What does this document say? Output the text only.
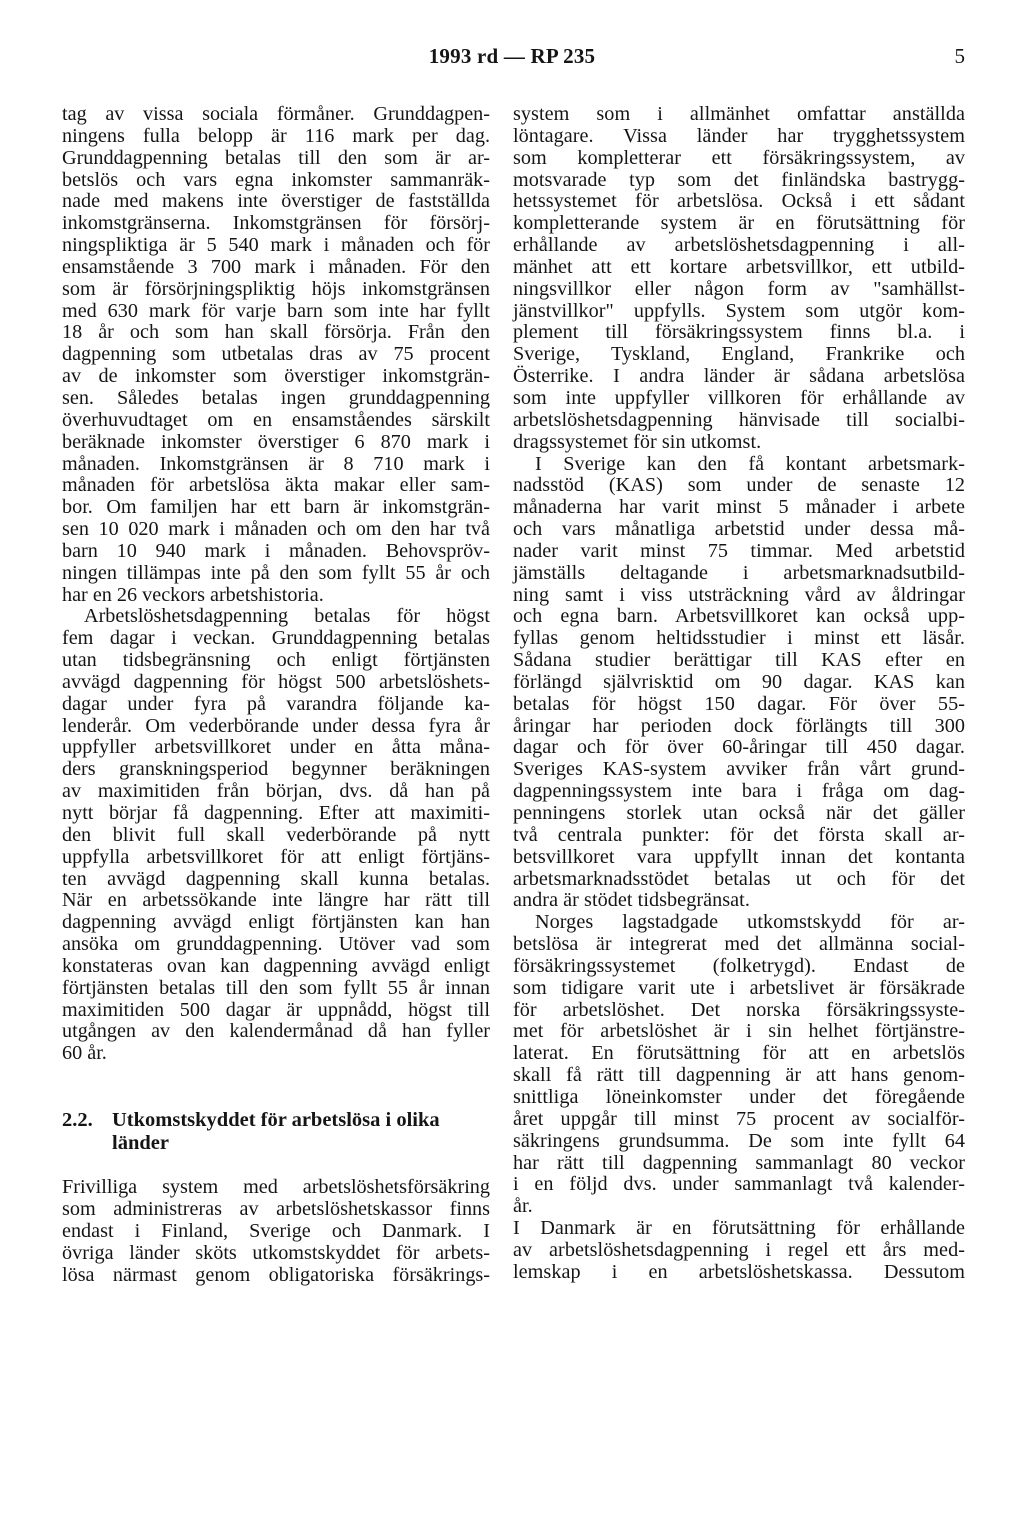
1993 rd — RP 235	5
tag av vissa sociala förmåner. Grunddagpen-
ningens fulla belopp är 116 mark per dag.
Grunddagpenning betalas till den som är ar-
betslös och vars egna inkomster sammanräk-
nade med makens inte överstiger de fastställda
inkomstgränserna. Inkomstgränsen för försörj-
ningspliktiga är 5 540 mark i månaden och för
ensamstående 3 700 mark i månaden. För den
som är försörjningspliktig höjs inkomstgränsen
med 630 mark för varje barn som inte har fyllt
18 år och som han skall försörja. Från den
dagpenning som utbetalas dras av 75 procent
av de inkomster som överstiger inkomstgrän-
sen. Således betalas ingen grunddagpenning
överhuvudtaget om en ensamståendes särskilt
beräknade inkomster överstiger 6 870 mark i
månaden. Inkomstgränsen är 8 710 mark i
månaden för arbetslösa äkta makar eller sam-
bor. Om familjen har ett barn är inkomstgrän-
sen 10 020 mark i månaden och om den har två
barn 10 940 mark i månaden. Behovspröv-
ningen tillämpas inte på den som fyllt 55 år och
har en 26 veckors arbetshistoria.
Arbetslöshetsdagpenning betalas för högst
fem dagar i veckan. Grunddagpenning betalas
utan tidsbegränsning och enligt förtjänsten
avvägd dagpenning för högst 500 arbetslöshets-
dagar under fyra på varandra följande ka-
lenderår. Om vederbörande under dessa fyra år
uppfyller arbetsvillkoret under en åtta måna-
ders granskningsperiod begynner beräkningen
av maximitiden från början, dvs. då han på
nytt börjar få dagpenning. Efter att maximiti-
den blivit full skall vederbörande på nytt
uppfylla arbetsvillkoret för att enligt förtjäns-
ten avvägd dagpenning skall kunna betalas.
När en arbetssökande inte längre har rätt till
dagpenning avvägd enligt förtjänsten kan han
ansöka om grunddagpenning. Utöver vad som
konstateras ovan kan dagpenning avvägd enligt
förtjänsten betalas till den som fyllt 55 år innan
maximitiden 500 dagar är uppnådd, högst till
utgången av den kalendermånad då han fyller
60 år.
2.2. Utkomstskyddet för arbetslösa i olika
länder
Frivilliga system med arbetslöshetsförsäkring
som administreras av arbetslöshetskassor finns
endast i Finland, Sverige och Danmark. I
övriga länder sköts utkomstskyddet för arbets-
lösa närmast genom obligatoriska försäkrings-
system som i allmänhet omfattar anställda
löntagare. Vissa länder har trygghetssystem
som kompletterar ett försäkringssystem, av
motsvarade typ som det finländska bastrygg-
hetssystemet för arbetslösa. Också i ett sådant
kompletterande system är en förutsättning för
erhållande av arbetslöshetsdagpenning i all-
mänhet att ett kortare arbetsvillkor, ett utbild-
ningsvillkor eller någon form av "samhällst-
jänstvillkor" uppfylls. System som utgör kom-
plement till försäkringssystem finns bl.a. i
Sverige, Tyskland, England, Frankrike och
Österrike. I andra länder är sådana arbetslösa
som inte uppfyller villkoren för erhållande av
arbetslöshetsdagpenning hänvisade till socialbi-
dragssystemet för sin utkomst.
I Sverige kan den få kontant arbetsmark-
nadsstöd (KAS) som under de senaste 12
månaderna har varit minst 5 månader i arbete
och vars månatliga arbetstid under dessa må-
nader varit minst 75 timmar. Med arbetstid
jämställs deltagande i arbetsmarknadsutbild-
ning samt i viss utsträckning vård av åldringar
och egna barn. Arbetsvillkoret kan också upp-
fyllas genom heltidsstudier i minst ett läsår.
Sådana studier berättigar till KAS efter en
förlängd självrisktid om 90 dagar. KAS kan
betalas för högst 150 dagar. För över 55-
åringar har perioden dock förlängts till 300
dagar och för över 60-åringar till 450 dagar.
Sveriges KAS-system avviker från vårt grund-
dagpenningssystem inte bara i fråga om dag-
penningens storlek utan också när det gäller
två centrala punkter: för det första skall ar-
betsvillkoret vara uppfyllt innan det kontanta
arbetsmarknadsstödet betalas ut och för det
andra är stödet tidsbegränsat.
Norges lagstadgade utkomstskydd för ar-
betslösa är integrerat med det allmänna social-
försäkringssystemet (folketrygd). Endast de
som tidigare varit ute i arbetslivet är försäkrade
för arbetslöshet. Det norska försäkringssyste-
met för arbetslöshet är i sin helhet förtjänstre-
laterat. En förutsättning för att en arbetslös
skall få rätt till dagpenning är att hans genom-
snittliga löneinkomster under det föregående
året uppgår till minst 75 procent av socialför-
säkringens grundsumma. De som inte fyllt 64
har rätt till dagpenning sammanlagt 80 veckor
i en följd dvs. under sammanlagt två kalender-
år.
I Danmark är en förutsättning för erhållande
av arbetslöshetsdagpenning i regel ett års med-
lemskap i en arbetslöshetskassa. Dessutom
